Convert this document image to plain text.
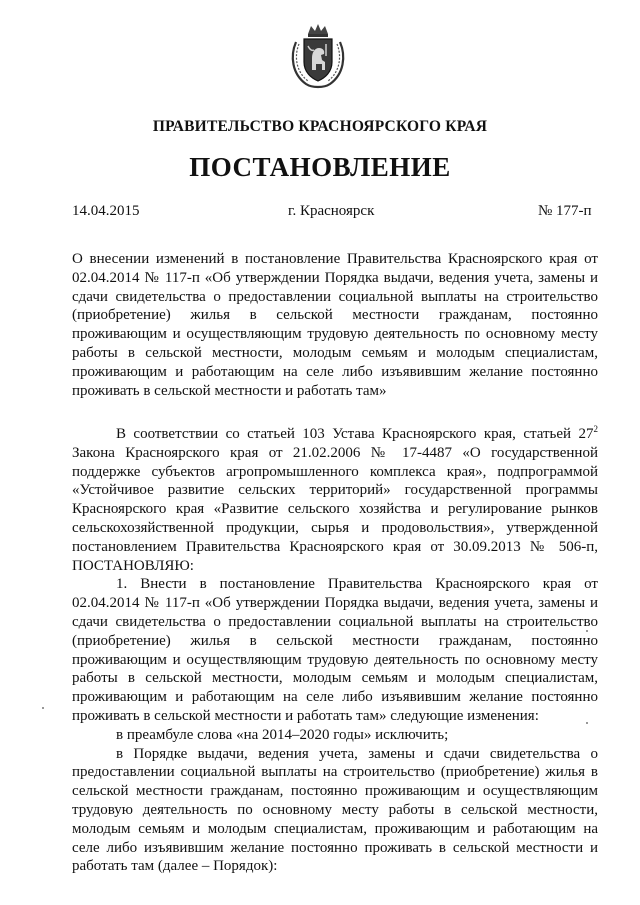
ПРАВИТЕЛЬСТВО КРАСНОЯРСКОГО КРАЯ
ПОСТАНОВЛЕНИЕ
14.04.2015	г. Красноярск	№ 177-п
О внесении изменений в постановление Правительства Красноярского края от 02.04.2014 № 117-п «Об утверждении Порядка выдачи, ведения учета, замены и сдачи свидетельства о предоставлении социальной выплаты на строительство (приобретение) жилья в сельской местности гражданам, постоянно проживающим и осуществляющим трудовую деятельность по основному месту работы в сельской местности, молодым семьям и молодым специалистам, проживающим и работающим на селе либо изъявившим желание постоянно проживать в сельской местности и работать там»

В соответствии со статьей 103 Устава Красноярского края, статьей $27^2$ Закона Красноярского края от 21.02.2006 № 17-4487 «О государственной поддержке субъектов агропромышленного комплекса края», подпрограммой «Устойчивое развитие сельских территорий» государственной программы Красноярского края «Развитие сельского хозяйства и регулирование рынков сельскохозяйственной продукции, сырья и продовольствия», утвержденной постановлением Правительства Красноярского края от 30.09.2013 № 506-п, ПОСТАНОВЛЯЮ:

1. Внести в постановление Правительства Красноярского края от 02.04.2014 № 117-п «Об утверждении Порядка выдачи, ведения учета, замены и сдачи свидетельства о предоставлении социальной выплаты на строительство (приобретение) жилья в сельской местности гражданам, постоянно проживающим и осуществляющим трудовую деятельность по основному месту работы в сельской местности, молодым семьям и молодым специалистам, проживающим и работающим на селе либо изъявившим желание постоянно проживать в сельской местности и работать там» следующие изменения:

в преамбуле слова «на 2014–2020 годы» исключить;

в Порядке выдачи, ведения учета, замены и сдачи свидетельства о предоставлении социальной выплаты на строительство (приобретение) жилья в сельской местности гражданам, постоянно проживающим и осуществляющим трудовую деятельность по основному месту работы в сельской местности, молодым семьям и молодым специалистам, проживающим и работающим на селе либо изъявившим желание постоянно проживать в сельской местности и работать там (далее – Порядок):
